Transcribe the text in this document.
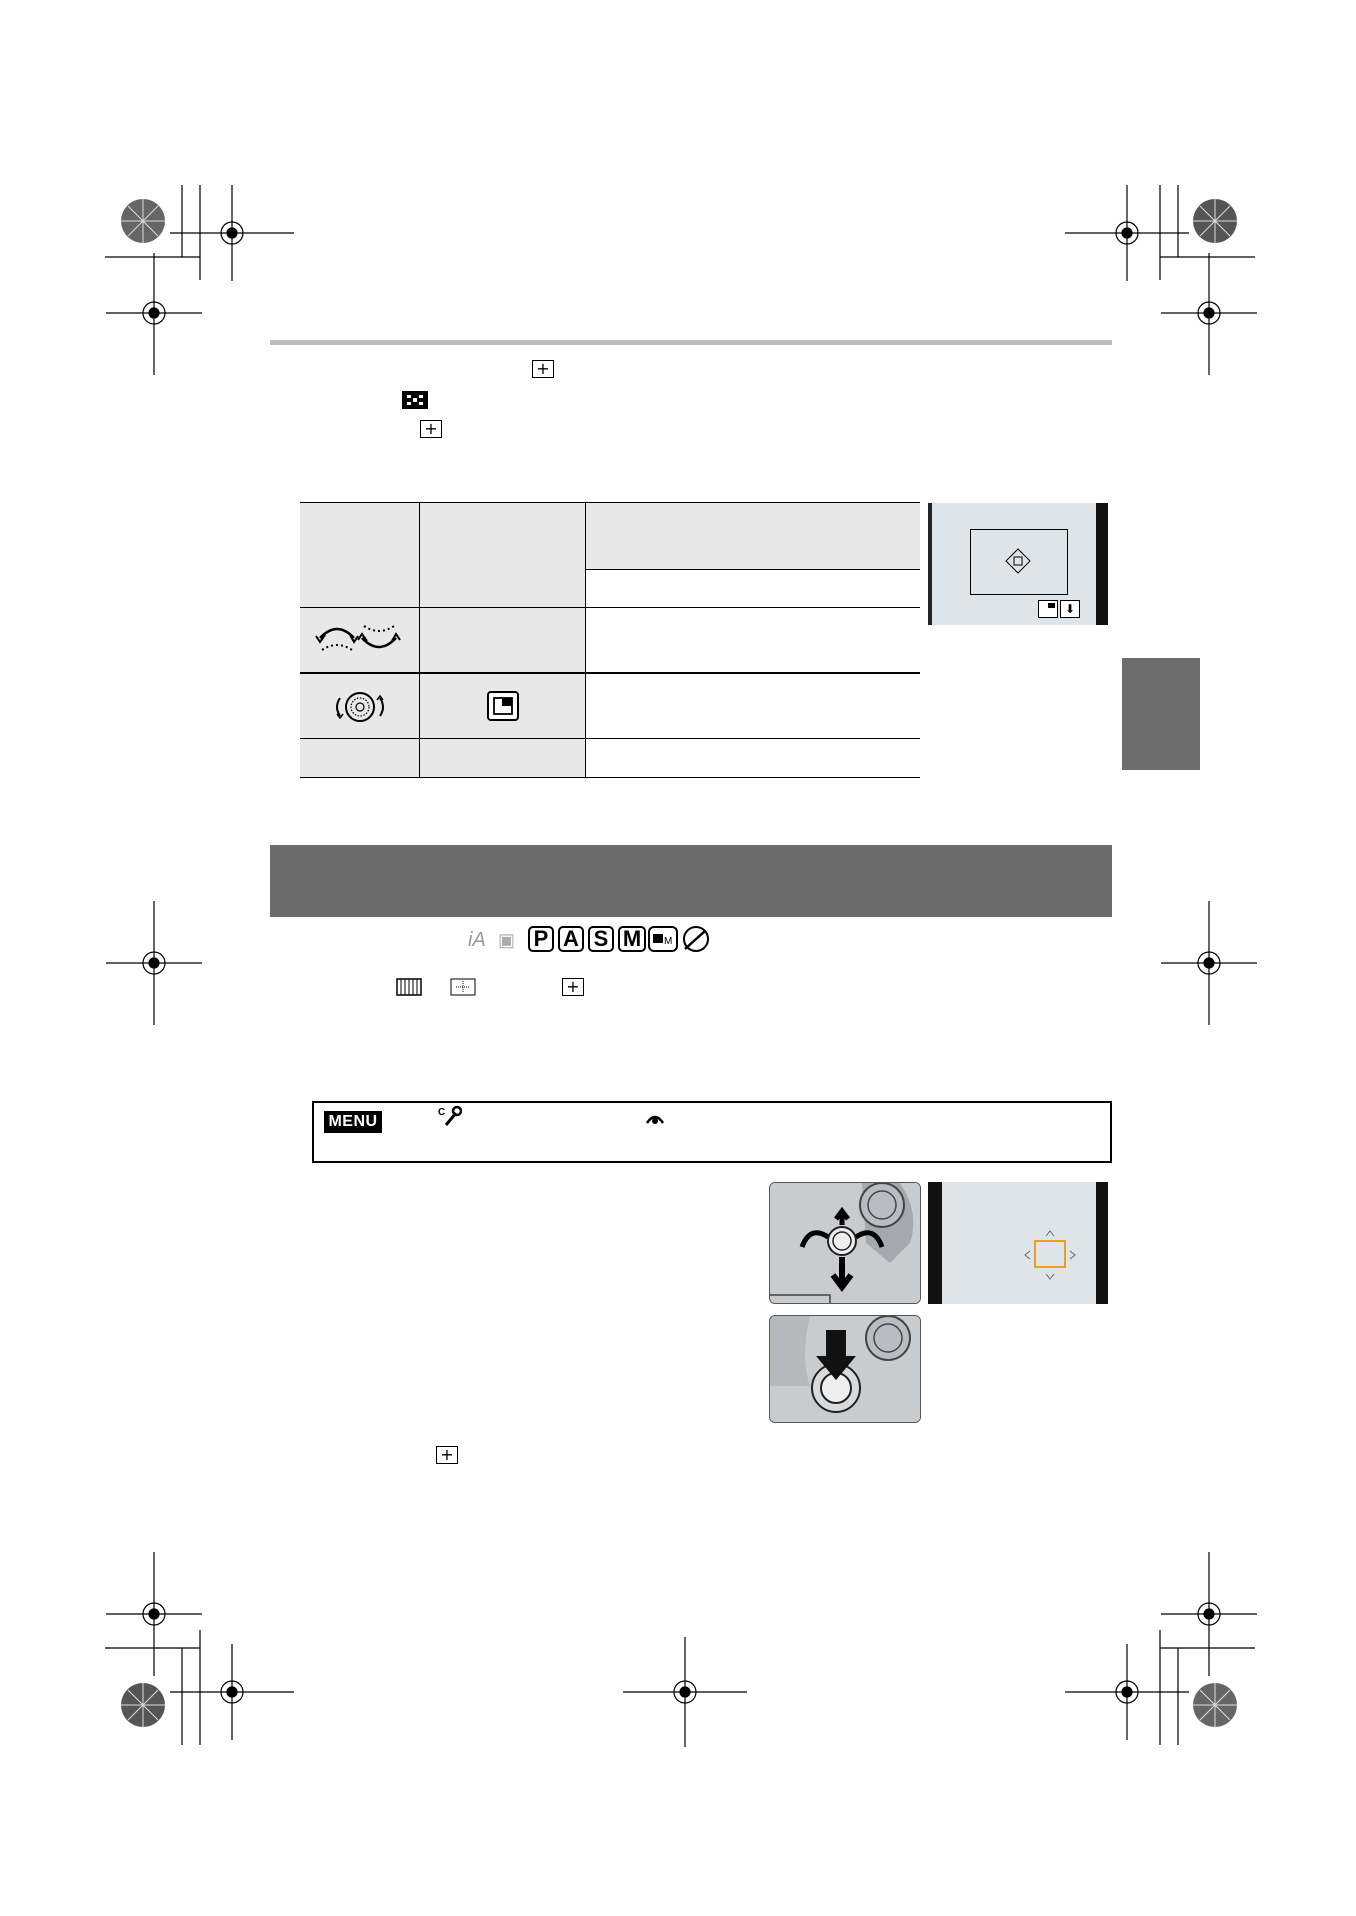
+
+
⬇
iA ▣ P A S M	M
+
MENU
C
+
